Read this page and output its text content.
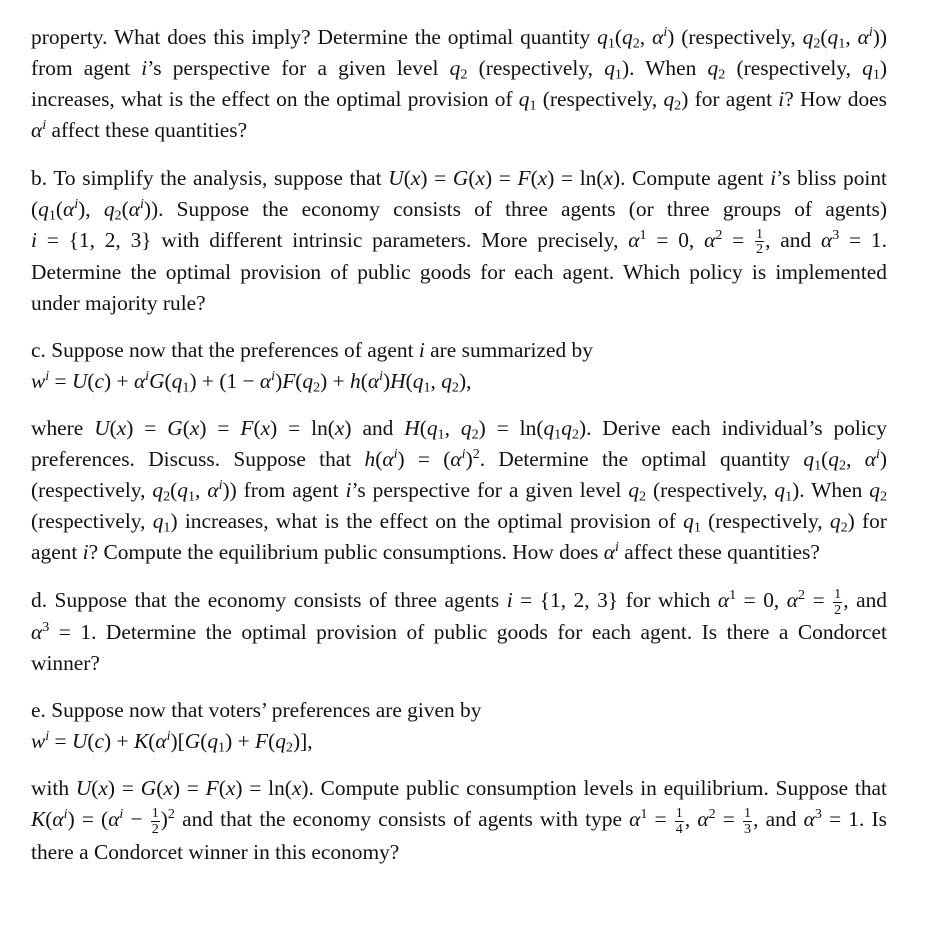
property. What does this imply? Determine the optimal quantity $q_1(q_2$, $\alpha^i$) (respectively, $q_2(q_1$, $\alpha^i$)) from agent i’s perspective for a given level $q_2$ (respectively, $q_1$). When $q_2$ (respectively, $q_1$) increases, what is the effect on the optimal provision of $q_1$ (respectively, $q_2$) for agent i? How does $\alpha^i$ affect these quantities?

b. To simplify the analysis, suppose that U(x) = G(x) = F(x) = ln(x). Compute agent i’s bliss point ($q_1(\alpha^i)$, $q_2(\alpha^i)$). Suppose the economy consists of three agents (or three groups of agents) i = {1, 2, 3} with different intrinsic parameters. More precisely, $\alpha^1 = 0$, $\alpha^2 = \frac{1}{2}$ , and $\alpha^3 = 1$. Determine the optimal provision of public goods for each agent. Which policy is implemented under majority rule?

c. Suppose now that the preferences of agent i are summarized by

$w^i = U(c) + \alpha^iG(q_1) + (1 - \alpha^i)F(q_2) + h(\alpha^i)H(q_1$, $q_2$),

where U(x) = G(x) = F(x) = ln(x) and $H(q_1$, $q_2) = \ln(q_1q_2)$. Derive each individual’s policy preferences. Discuss. Suppose that $h(\alpha^i) = (\alpha^i)^2$. Determine the optimal quantity $q_1(q_2$, $\alpha^i$) (respectively, $q_2(q_1$, $\alpha^i$)) from agent i’s perspective for a given level $q_2$ (respectively, $q_1$). When $q_2$ (respectively, $q_1$) increases, what is the effect on the optimal provision of $q_1$ (respectively, $q_2$) for agent i? Compute the equilibrium public consumptions. How does $\alpha^i$ affect these quantities?

d. Suppose that the economy consists of three agents i = {1, 2, 3} for which $\alpha^1 = 0$, $\alpha^2 = \frac{1}{2}$ , and $\alpha^3 = 1$. Determine the optimal provision of public goods for each agent. Is there a Condorcet winner?

e. Suppose now that voters’ preferences are given by

$w^i = U(c) + K(\alpha^i)[G(q_1) + F(q_2)]$,

with U(x) = G(x) = F(x) = ln(x). Compute public consumption levels in equilibrium. Suppose that $K(\alpha^i) = (\alpha^i - \frac{1}{2} )^2$ and that the economy consists of agents with type $\alpha^1 = \frac{1}{4}$ , $\alpha^2 = \frac{1}{3}$ , and $\alpha^3 = 1$. Is there a Condorcet winner in this economy?
